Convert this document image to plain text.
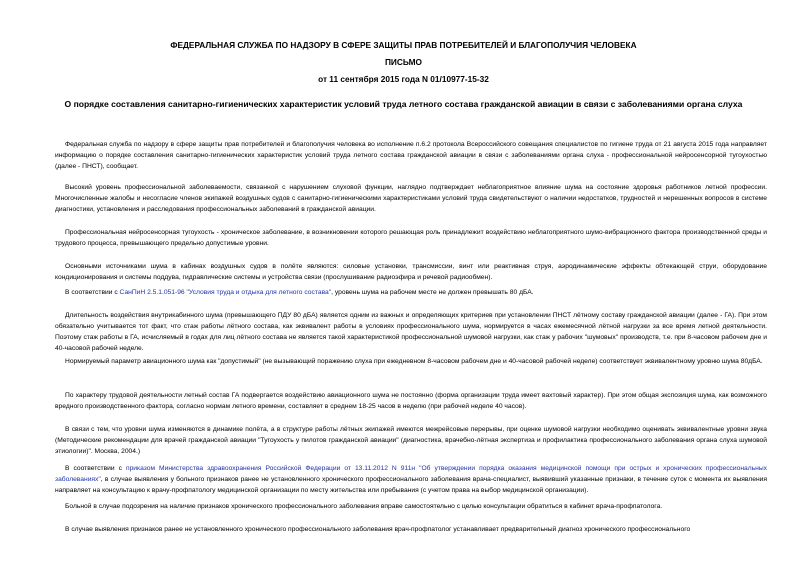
ФЕДЕРАЛЬНАЯ СЛУЖБА ПО НАДЗОРУ В СФЕРЕ ЗАЩИТЫ ПРАВ ПОТРЕБИТЕЛЕЙ И БЛАГОПОЛУЧИЯ ЧЕЛОВЕКА
ПИСЬМО
от 11 сентября 2015 года N 01/10977-15-32
О порядке составления санитарно-гигиенических характеристик условий труда летного состава гражданской авиации в связи с заболеваниями органа слуха

Федеральная служба по надзору в сфере защиты прав потребителей и благополучия человека во исполнение п.6.2 протокола Всероссийского совещания специалистов по гигиене труда от 21 августа 2015 года направляет информацию о порядке составления санитарно-гигиенических характеристик условий труда летного состава гражданской авиации в связи с заболеваниями органа слуха - профессиональной нейросенсорной тугоухостью (далее - ПНСТ), сообщает.

Высокий уровень профессиональной заболеваемости, связанной с нарушением слуховой функции, наглядно подтверждает неблагоприятное влияние шума на состояние здоровья работников летной профессии. Многочисленные жалобы и несогласие членов экипажей воздушных судов с санитарно-гигиеническими характеристиками условий труда свидетельствуют о наличии недостатков, трудностей и нерешенных вопросов в системе диагностики, установления и расследования профессиональных заболеваний в гражданской авиации.

Профессиональная нейросенсорная тугоухость - хроническое заболевание, в возникновении которого решающая роль принадлежит воздействию неблагоприятного шумо-вибрационного фактора производственной среды и трудового процесса, превышающего предельно допустимые уровни.

Основными источниками шума в кабинах воздушных судов в полёте являются: силовые установки, трансмиссии, винт или реактивная струя, аэродинамические эффекты обтекающей струи, оборудование кондиционирования и системы поддува, гидравлические системы и устройства связи (прослушивание радиоэфира и речевой радиообмен).

В соответствии с СанПиН 2.5.1.051-96 "Условия труда и отдыха для летного состава", уровень шума на рабочем месте не должен превышать 80 дБА.

Длительность воздействия внутрикабинного шума (превышающего ПДУ 80 дБА) является одним из важных и определяющих критериев при установлении ПНСТ лётному составу гражданской авиации (далее - ГА). При этом обязательно учитывается тот факт, что стаж работы лётного состава, как эквивалент работы в условиях профессионального шума, нормируется в часах ежемесячной лётной нагрузки за все время летной деятельности. Поэтому стаж работы в ГА, исчисляемый в годах для лиц лётного состава не является такой характеристикой профессиональной шумовой нагрузки, как стаж у рабочих "шумовых" производств, т.е. при 8-часовом рабочем дне и 40-часовой рабочей неделе.

Нормируемый параметр авиационного шума как "допустимый" (не вызывающий поражению слуха при ежедневном 8-часовом рабочем дне и 40-часовой рабочей неделе) соответствует эквивалентному уровню шума 80дБА.

По характеру трудовой деятельности летный состав ГА подвергается воздействию авиационного шума не постоянно (форма организации труда имеет вахтовый характер). При этом общая экспозиция шума, как возможного вредного производственного фактора, согласно нормам летного времени, составляет в среднем 18-25 часов в неделю (при рабочей неделе 40 часов).

В связи с тем, что уровни шума изменяются в динамике полёта, а в структуре работы лётных экипажей имеются межрейсовые перерывы, при оценке шумовой нагрузки необходимо оценивать эквивалентные уровни звука (Методические рекомендации для врачей гражданской авиации "Тугоухость у пилотов гражданской авиации" (диагностика, врачебно-лётная экспертиза и профилактика профессионального заболевания органа слуха шумовой этиологии)". Москва, 2004.)

В соответствии с приказом Министерства здравоохранения Российской Федерации от 13.11.2012 N 911н "Об утверждении порядка оказания медицинской помощи при острых и хронических профессиональных заболеваниях", в случае выявления у больного признаков ранее не установленного хронического профессионального заболевания врача-специалист, выявивший указанные признаки, в течение суток с момента их выявления направляет на консультацию к врачу-профпатологу медицинской организации по месту жительства или пребывания (с учетом права на выбор медицинской организации).

Больной в случае подозрения на наличие признаков хронического профессионального заболевания вправе самостоятельно с целью консультации обратиться в кабинет врача-профпатолога.

В случае выявления признаков ранее не установленного хронического профессионального заболевания врач-профпатолог устанавливает предварительный диагноз хронического профессионального
